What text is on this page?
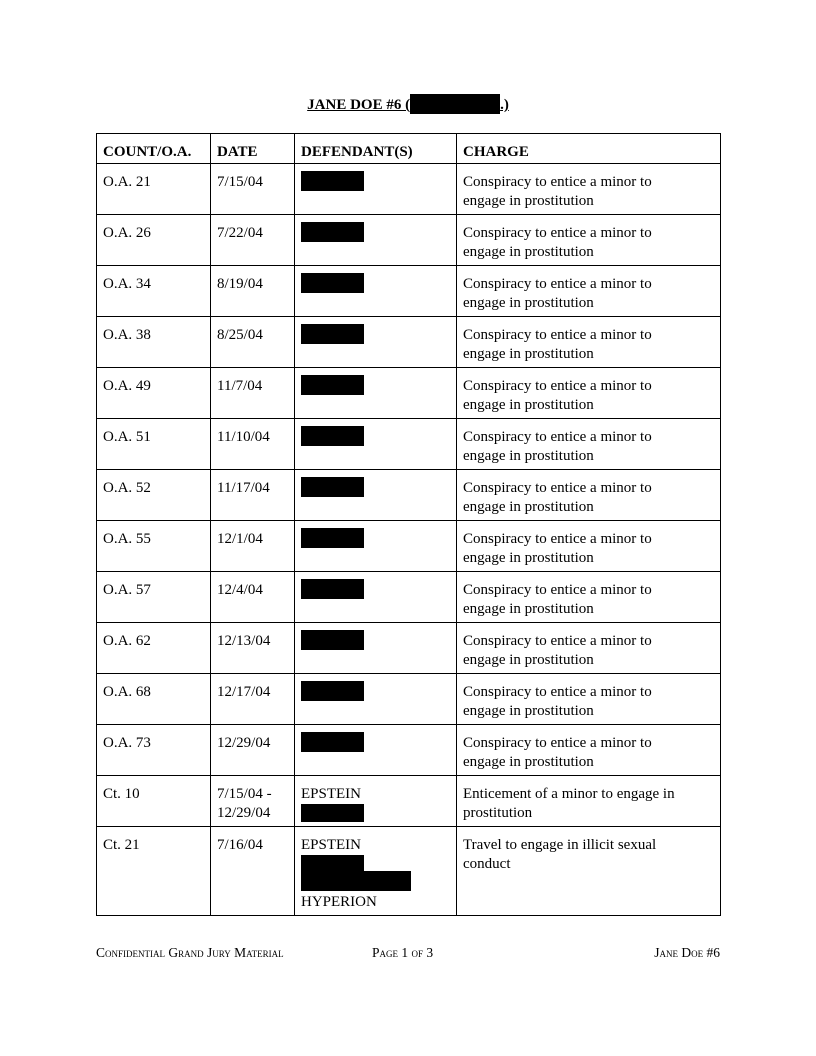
JANE DOE #6 (	.)
COUNT/O.A.	DATE	DEFENDANT(S)	CHARGE
O.A. 21	7/15/04		Conspiracy to entice a minor to
engage in prostitution

O.A. 26	7/22/04		Conspiracy to entice a minor to
engage in prostitution

O.A. 34	8/19/04		Conspiracy to entice a minor to
engage in prostitution

O.A. 38	8/25/04		Conspiracy to entice a minor to
engage in prostitution

O.A. 49	11/7/04		Conspiracy to entice a minor to
engage in prostitution

O.A. 51	11/10/04		Conspiracy to entice a minor to
engage in prostitution

O.A. 52	11/17/04		Conspiracy to entice a minor to
engage in prostitution

O.A. 55	12/1/04		Conspiracy to entice a minor to
engage in prostitution

O.A. 57	12/4/04		Conspiracy to entice a minor to
engage in prostitution

O.A. 62	12/13/04		Conspiracy to entice a minor to
engage in prostitution

O.A. 68	12/17/04		Conspiracy to entice a minor to
engage in prostitution

O.A. 73	12/29/04		Conspiracy to entice a minor to
engage in prostitution

Ct. 10	7/15/04 -
12/29/04	EPSTEIN	Enticement of a minor to engage in
prostitution

Ct. 21	7/16/04	EPSTEIN
HYPERION	Travel to engage in illicit sexual
conduct
Confidential Grand Jury Material	Page 1 of 3	Jane Doe #6
